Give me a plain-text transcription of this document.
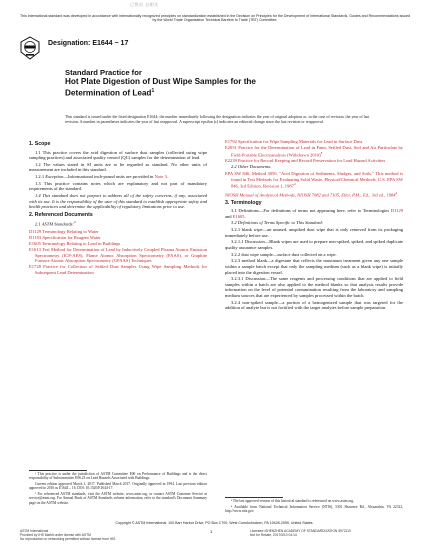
已售出 自相关
This international standard was developed in accordance with internationally recognized principles on standardization established in the Decision on Principles for the Development of International Standards, Guides and Recommendations issued by the World Trade Organization Technical Barriers to Trade (TBT) Committee.
Designation: E1644 − 17
Standard Practice for
Hot Plate Digestion of Dust Wipe Samples for the
Determination of Lead$^1$
This standard is issued under the fixed designation E1644; the number immediately following the designation indicates the year of original adoption or, in the case of revision, the year of last revision. A number in parentheses indicates the year of last reapproval. A superscript epsilon (ε) indicates an editorial change since the last revision or reapproval.
1. Scope

1.1 This practice covers the acid digestion of surface dust samples (collected using wipe sampling practices) and associated quality control (QC) samples for the determination of lead.

1.2 The values stated in SI units are to be regarded as standard. No other units of measurement are included in this standard.

1.2.1 Exception—Informational inch-pound units are provided in Note 3.

1.3 This practice contains notes which are explanatory and not part of mandatory requirements of the standard.

1.4 This standard does not purport to address all of the safety concerns, if any, associated with its use. It is the responsibility of the user of this standard to establish appropriate safety and health practices and determine the applicability of regulatory limitations prior to use.

2. Referenced Documents

2.1 ASTM Standards:$^2$

D1129 Terminology Relating to Water

D1193 Specification for Reagent Water

E1605 Terminology Relating to Lead in Buildings

E1613 Test Method for Determination of Lead by Inductively Coupled Plasma Atomic Emission Spectrometry (ICP-AES), Flame Atomic Absorption Spectrometry (FAAS), or Graphite Furnace Atomic Absorption Spectrometry (GFAAS) Techniques

E1728 Practice for Collection of Settled Dust Samples Using Wipe Sampling Methods for Subsequent Lead Determination

¹ This practice is under the jurisdiction of ASTM Committee E06 on Performance of Buildings and is the direct responsibility of Subcommittee E06.23 on Lead Hazards Associated with Buildings.

Current edition approved March 1, 2017. Published March 2017. Originally approved in 1994. Last previous edition approved in 2016 as E1644 – 16. DOI: 10.1520/E1644-17.

² For referenced ASTM standards, visit the ASTM website, www.astm.org, or contact ASTM Customer Service at service@astm.org. For Annual Book of ASTM Standards volume information, refer to the standard's Document Summary page on the ASTM website.

E1792 Specification for Wipe Sampling Materials for Lead in Surface Dust

E2051 Practice for the Determination of Lead in Paint, Settled Dust, Soil and Air Particulate by Field-Portable Electroanalysis (Withdrawn 2010)$^3$

E2239 Practice for Record Keeping and Record Preservation for Lead Hazard Activities

2.2 Other Documents:

EPA SW 846, Method 3050, "Acid Digestion of Sediments, Sludges, and Soils," This method is found in Test Methods for Evaluating Solid Waste, Physical/Chemical Methods, U.S. EPA SW 846, 3rd Edition, Revision 1, 1987$^4$

NIOSH Manual of Analytical Methods, NIOSH 7082 and 7105, Eller, P.M.; Ed., 3rd ed., 1984$^4$

3. Terminology

3.1 Definitions—For definitions of terms not appearing here, refer to Terminologies D1129 and E1605.

3.2 Definitions of Terms Specific to This Standard:

3.2.1 blank wipe—an unused, unspiked dust wipe that is only removed from its packaging immediately before use.

3.2.1.1 Discussion—Blank wipes are used to prepare non-spiked, spiked, and spiked duplicate quality assurance samples.

3.2.2 dust wipe sample—surface dust collected on a wipe.

3.2.3 method blank—a digestate that reflects the maximum treatment given any one sample within a sample batch except that only the sampling medium (such as a blank wipe) is initially placed into the digestion vessel.

3.2.3.1 Discussion—The same reagents and processing conditions that are applied to field samples within a batch are also applied to the method blanks so that analysis results provide information on the level of potential contamination resulting from the laboratory and sampling medium sources that are experienced by samples processed within the batch.

3.2.4 non-spiked sample—a portion of a homogenized sample that was targeted for the addition of analyte but is not fortified with the target analytes before sample preparation.

³ The last approved version of this historical standard is referenced on www.astm.org.

⁴ Available from National Technical Information Service (NTIS), 5301 Shawnee Rd., Alexandria, VA 22312, http://www.ntis.gov.

Copyright © ASTM International, 100 Barr Harbor Drive, PO Box C700, West Conshohocken, PA 19428-2959, United States.
1
ASTM International
Provided by IHS Markit under license with ASTM
No reproduction or networking permitted without license from IHS
Licensee=SHENZHEN ACADEMY OF STANDARDIZATION 5972119
Not for Resale, 2017/5/10 04:14
